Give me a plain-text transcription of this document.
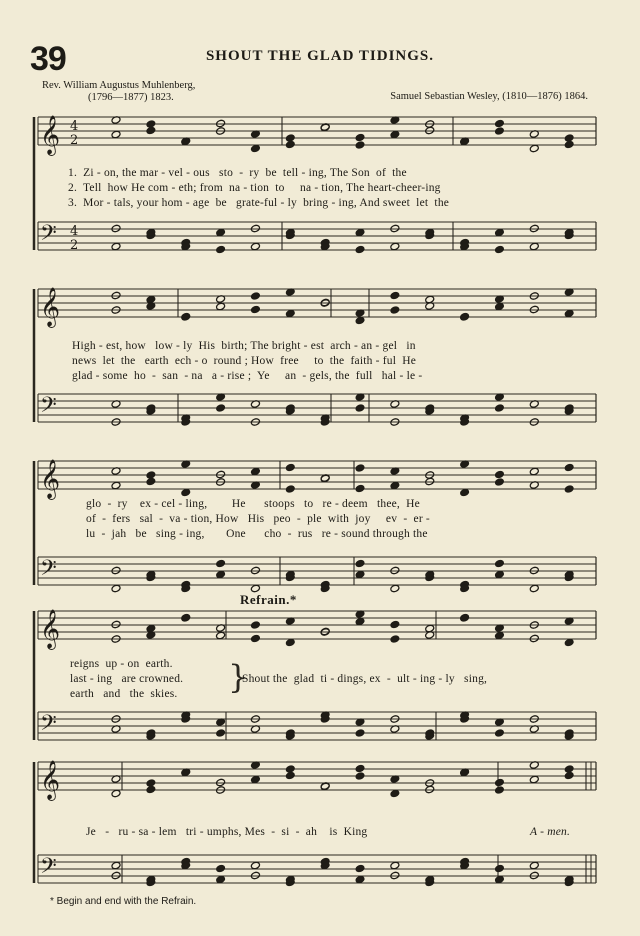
39	SHOUT THE GLAD TIDINGS.
Rev. William Augustus Muhlenberg,
(1796—1877) 1823.	Samuel Sebastian Wesley, (1810—1876) 1864.
𝄞 4
2
𝄢 4
2
𝄞
𝄢
𝄞
𝄢
𝄞
𝄢
𝄞
𝄢
1.  Zi - on, the mar - vel - ous   sto  -  ry  be  tell - ing, The Son  of  the
2.  Tell  how He com - eth; from  na - tion  to     na - tion, The heart-cheer-ing
3.  Mor - tals, your hom - age  be   grate-ful - ly  bring - ing, And sweet  let  the
High - est, how   low - ly  His  birth; The bright - est  arch - an - gel   in
news  let  the   earth  ech - o  round ; How  free     to  the  faith - ful  He
glad - some  ho  -  san  - na   a - rise ;  Ye     an  - gels, the  full   hal - le -
glo  -  ry    ex - cel - ling,        He      stoops   to   re - deem   thee,  He
of  -  fers   sal  -  va - tion, How   His   peo  -  ple  with  joy     ev  -  er -
lu  -  jah   be   sing - ing,       One      cho  -  rus   re - sound through the
Refrain.*
reigns  up - on  earth.
last - ing   are crowned.
earth   and   the  skies. }
Shout the  glad  ti - dings, ex  -  ult - ing - ly   sing,
Je   -   ru - sa - lem   tri - umphs, Mes  -  si  -  ah    is  King	A - men.
* Begin and end with the Refrain.
